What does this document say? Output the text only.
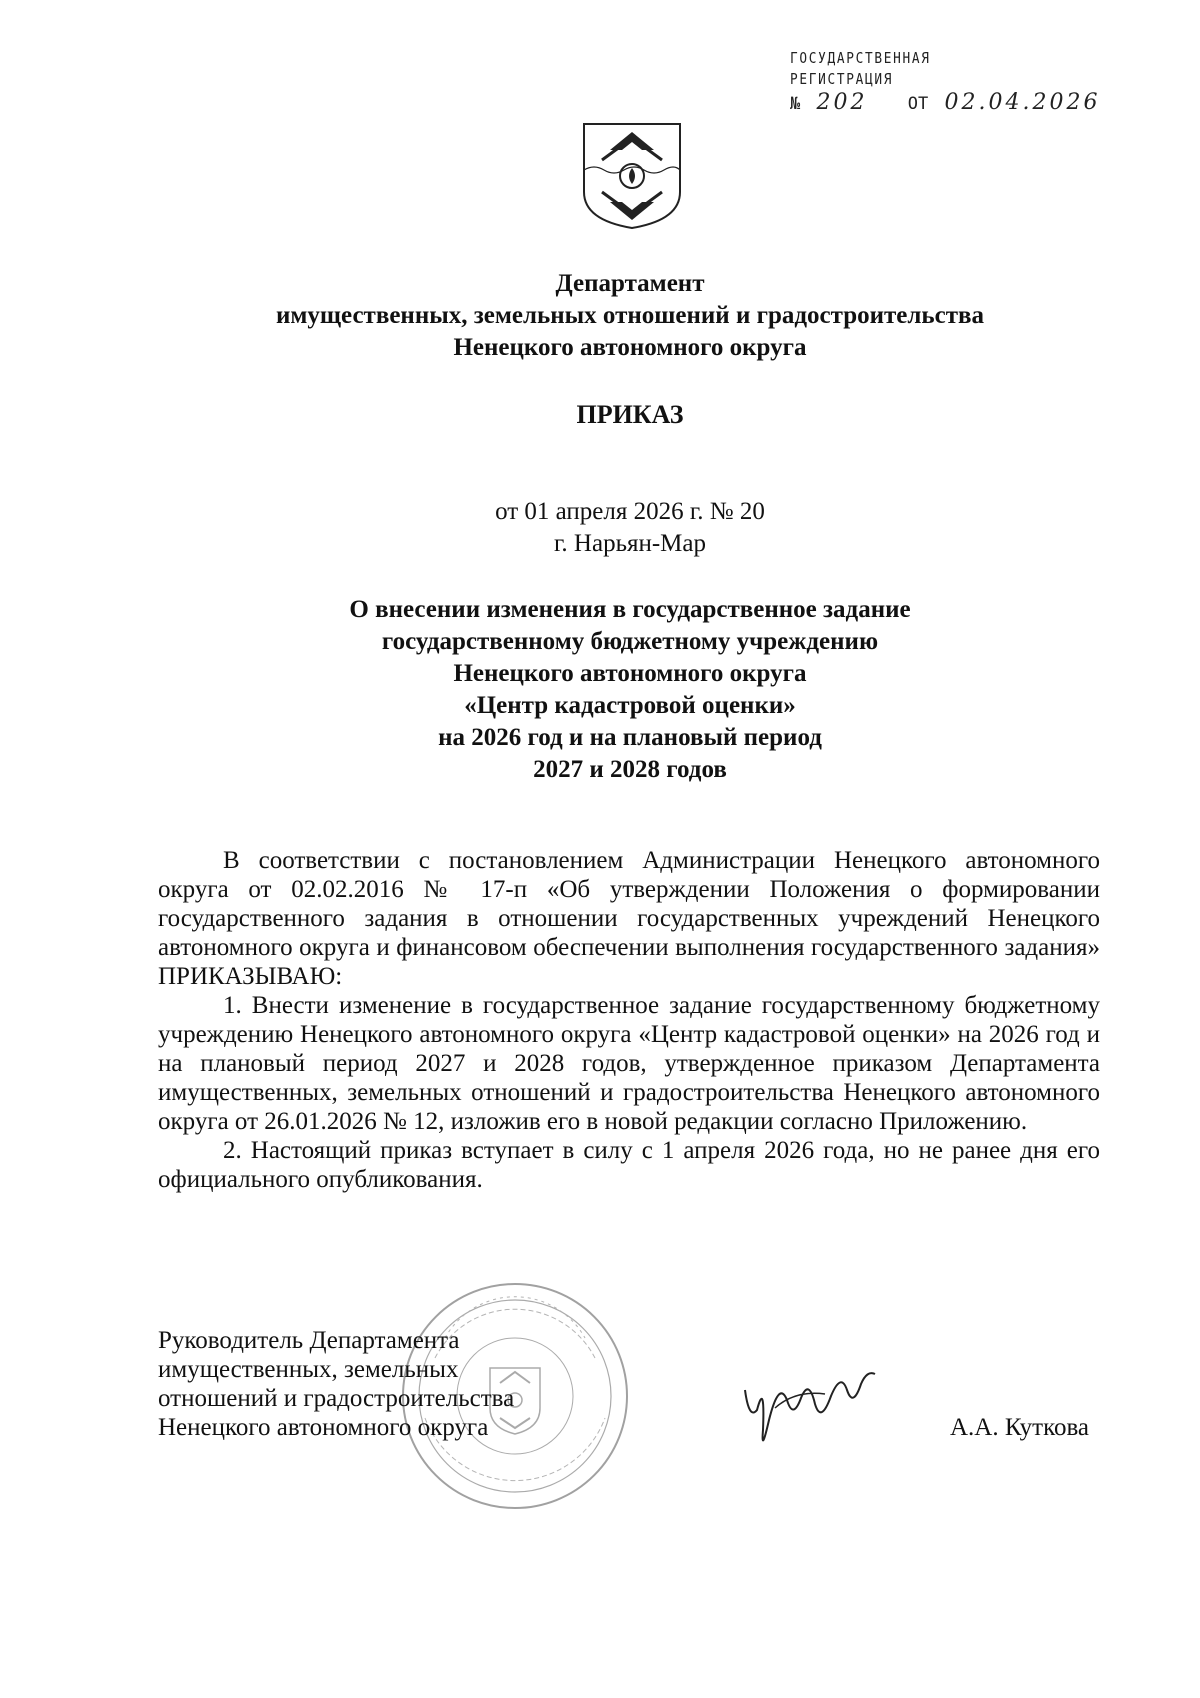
ГОСУДАРСТВЕННАЯ
РЕГИСТРАЦИЯ
№ 202 ОТ 02.04.2026
Департамент
имущественных, земельных отношений и градостроительства
Ненецкого автономного округа
ПРИКАЗ
от 01 апреля 2026 г. № 20
г. Нарьян-Мар
О внесении изменения в государственное задание
государственному бюджетному учреждению
Ненецкого автономного округа
«Центр кадастровой оценки»
на 2026 год и на плановый период
2027 и 2028 годов

В соответствии с постановлением Администрации Ненецкого автономного округа от 02.02.2016 № 17-п «Об утверждении Положения о формировании государственного задания в отношении государственных учреждений Ненецкого автономного округа и финансовом обеспечении выполнения государственного задания» ПРИКАЗЫВАЮ:

1. Внести изменение в государственное задание государственному бюджетному учреждению Ненецкого автономного округа «Центр кадастровой оценки» на 2026 год и на плановый период 2027 и 2028 годов, утвержденное приказом Департамента имущественных, земельных отношений и градостроительства Ненецкого автономного округа от 26.01.2026 № 12, изложив его в новой редакции согласно Приложению.

2. Настоящий приказ вступает в силу с 1 апреля 2026 года, но не ранее дня его официального опубликования.

Руководитель Департамента
имущественных, земельных
отношений и градостроительства
Ненецкого автономного округа	А.А. Куткова
